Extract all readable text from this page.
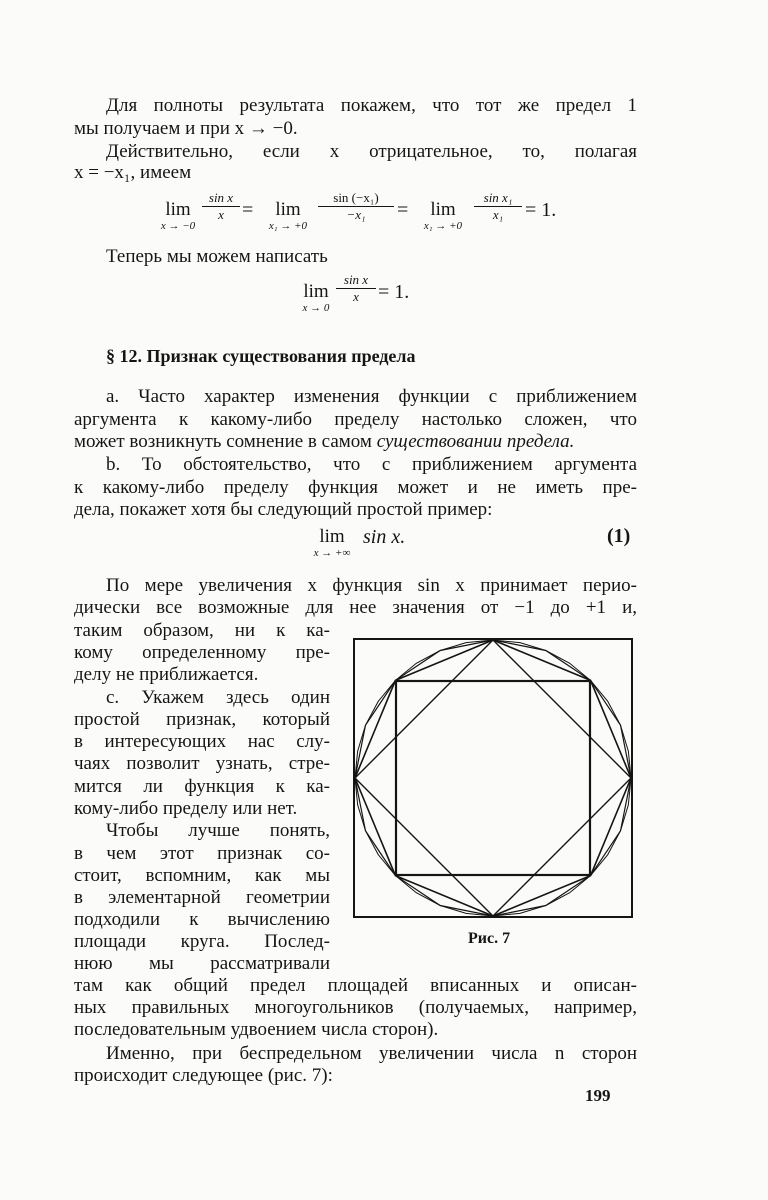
Для полноты результата покажем, что тот же предел 1
мы получаем и при x → −0.
Действительно, если x отрицательное, то, полагая
x = −x₁, имеем
lim
x → −0
$\frac{\text{sin x}}{x}$ =	lim
x₁ → +0
$\frac{\text{sin (−x₁)}}{\text{−x₁}}$ =	lim
x₁ → +0
$\frac{\text{sin x₁}}{\text{x₁}} = 1$.
Теперь мы можем написать
lim
x → 0
$\frac{\text{sin x}}{x} = 1$.
§ 12. Признак существования предела
a. Часто характер изменения функции с приближением
аргумента к какому-либо пределу настолько сложен, что
может возникнуть сомнение в самом существовании предела.
b. То обстоятельство, что с приближением аргумента
к какому-либо пределу функция может и не иметь пре-
дела, покажет хотя бы следующий простой пример:
lim
x → +∞
sin x.	(1)
По мере увеличения x функция sin x принимает перио-
дически все возможные для нее значения от −1 до +1 и,
таким образом, ни к ка-
кому определенному пре-
делу не приближается.
c. Укажем здесь один
простой признак, который
в интересующих нас слу-
чаях позволит узнать, стре-
мится ли функция к ка-
кому-либо пределу или нет.
Чтобы лучше понять,
в чем этот признак со-
стоит, вспомним, как мы
в элементарной геометрии
подходили к вычислению
площади круга. Послед-
нюю мы рассматривали
там как общий предел площадей вписанных и описан-
ных правильных многоугольников (получаемых, например,
последовательным удвоением числа сторон).
Именно, при беспредельном увеличении числа n сторон
происходит следующее (рис. 7):
Рис. 7
199
